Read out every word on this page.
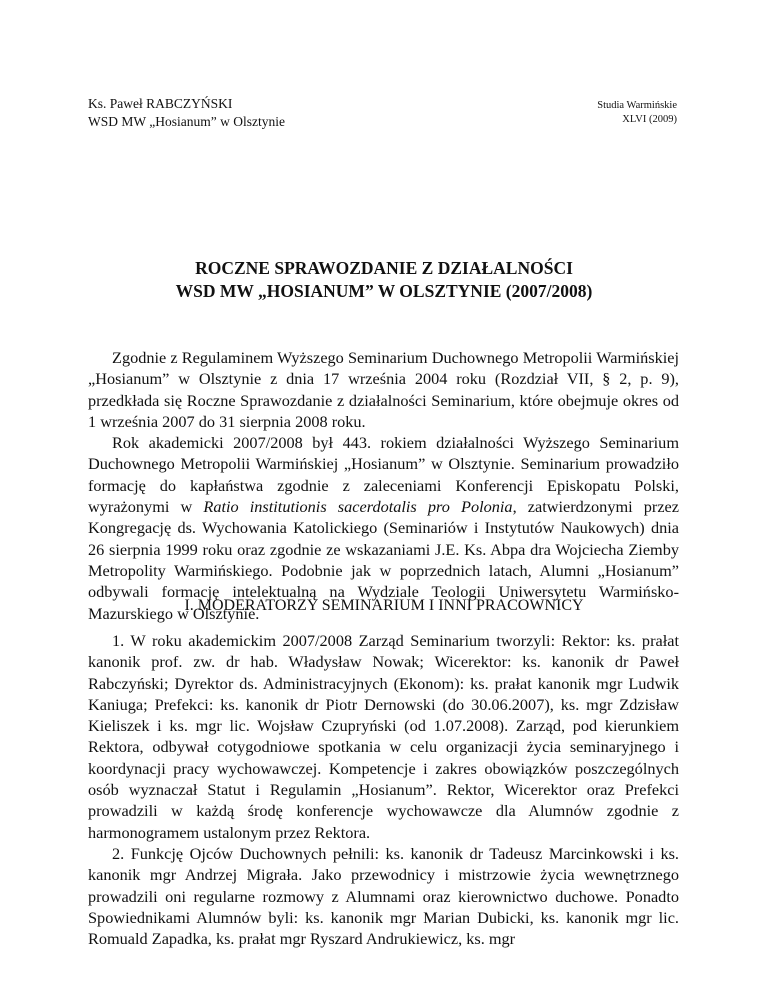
Ks. Paweł RABCZYŃSKI
WSD MW „Hosianum” w Olsztynie
Studia Warmińskie
XLVI (2009)
ROCZNE SPRAWOZDANIE Z DZIAŁALNOŚCI
WSD MW „HOSIANUM” W OLSZTYNIE (2007/2008)

Zgodnie z Regulaminem Wyższego Seminarium Duchownego Metropolii Warmińskiej „Hosianum” w Olsztynie z dnia 17 września 2004 roku (Rozdział VII, § 2, p. 9), przedkłada się Roczne Sprawozdanie z działalności Seminarium, które obejmuje okres od 1 września 2007 do 31 sierpnia 2008 roku.

Rok akademicki 2007/2008 był 443. rokiem działalności Wyższego Seminarium Duchownego Metropolii Warmińskiej „Hosianum” w Olsztynie. Seminarium prowadziło formację do kapłaństwa zgodnie z zaleceniami Konferencji Episkopatu Polski, wyrażonymi w Ratio institutionis sacerdotalis pro Polonia, zatwierdzonymi przez Kongregację ds. Wychowania Katolickiego (Seminariów i Instytutów Naukowych) dnia 26 sierpnia 1999 roku oraz zgodnie ze wskazaniami J.E. Ks. Abpa dra Wojciecha Ziemby Metropolity Warmińskiego. Podobnie jak w poprzednich latach, Alumni „Hosianum” odbywali formację intelektualną na Wydziale Teologii Uniwersytetu Warmińsko-Mazurskiego w Olsztynie.

I. MODERATORZY SEMINARIUM I INNI PRACOWNICY

1. W roku akademickim 2007/2008 Zarząd Seminarium tworzyli: Rektor: ks. prałat kanonik prof. zw. dr hab. Władysław Nowak; Wicerektor: ks. kanonik dr Paweł Rabczyński; Dyrektor ds. Administracyjnych (Ekonom): ks. prałat kanonik mgr Ludwik Kaniuga; Prefekci: ks. kanonik dr Piotr Dernowski (do 30.06.2007), ks. mgr Zdzisław Kieliszek i ks. mgr lic. Wojsław Czupryński (od 1.07.2008). Zarząd, pod kierunkiem Rektora, odbywał cotygodniowe spotkania w celu organizacji życia seminaryjnego i koordynacji pracy wychowawczej. Kompetencje i zakres obowiązków poszczególnych osób wyznaczał Statut i Regulamin „Hosianum”. Rektor, Wicerektor oraz Prefekci prowadzili w każdą środę konferencje wychowawcze dla Alumnów zgodnie z harmonogramem ustalonym przez Rektora.

2. Funkcję Ojców Duchownych pełnili: ks. kanonik dr Tadeusz Marcinkowski i ks. kanonik mgr Andrzej Migrała. Jako przewodnicy i mistrzowie życia wewnętrznego prowadzili oni regularne rozmowy z Alumnami oraz kierownictwo duchowe. Ponadto Spowiednikami Alumnów byli: ks. kanonik mgr Marian Dubicki, ks. kanonik mgr lic. Romuald Zapadka, ks. prałat mgr Ryszard Andrukiewicz, ks. mgr
